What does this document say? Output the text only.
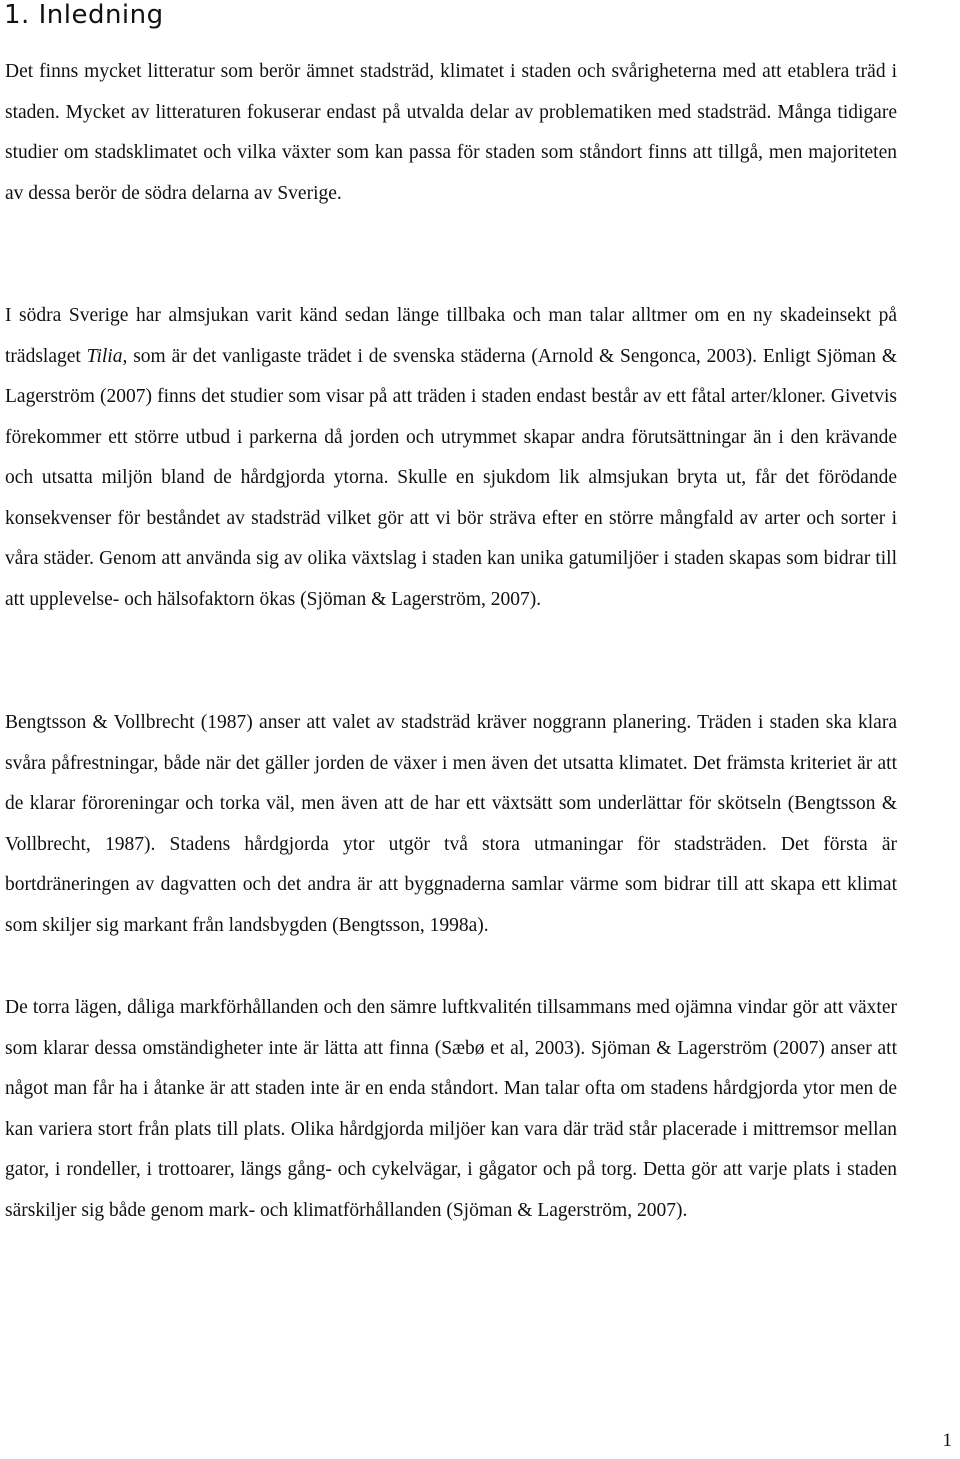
1. Inledning

Det finns mycket litteratur som berör ämnet stadsträd, klimatet i staden och svårigheterna med att etablera träd i staden. Mycket av litteraturen fokuserar endast på utvalda delar av problematiken med stadsträd. Många tidigare studier om stadsklimatet och vilka växter som kan passa för staden som ståndort finns att tillgå, men majoriteten av dessa berör de södra delarna av Sverige.

I södra Sverige har almsjukan varit känd sedan länge tillbaka och man talar alltmer om en ny skadeinsekt på trädslaget Tilia, som är det vanligaste trädet i de svenska städerna (Arnold & Sengonca, 2003). Enligt Sjöman & Lagerström (2007) finns det studier som visar på att träden i staden endast består av ett fåtal arter/kloner. Givetvis förekommer ett större utbud i parkerna då jorden och utrymmet skapar andra förutsättningar än i den krävande och utsatta miljön bland de hårdgjorda ytorna. Skulle en sjukdom lik almsjukan bryta ut, får det förödande konsekvenser för beståndet av stadsträd vilket gör att vi bör sträva efter en större mångfald av arter och sorter i våra städer. Genom att använda sig av olika växtslag i staden kan unika gatumiljöer i staden skapas som bidrar till att upplevelse- och hälsofaktorn ökas (Sjöman & Lagerström, 2007).

Bengtsson & Vollbrecht (1987) anser att valet av stadsträd kräver noggrann planering. Träden i staden ska klara svåra påfrestningar, både när det gäller jorden de växer i men även det utsatta klimatet. Det främsta kriteriet är att de klarar föroreningar och torka väl, men även att de har ett växtsätt som underlättar för skötseln (Bengtsson & Vollbrecht, 1987). Stadens hårdgjorda ytor utgör två stora utmaningar för stadsträden. Det första är bortdräneringen av dagvatten och det andra är att byggnaderna samlar värme som bidrar till att skapa ett klimat som skiljer sig markant från landsbygden (Bengtsson, 1998a).

De torra lägen, dåliga markförhållanden och den sämre luftkvalitén tillsammans med ojämna vindar gör att växter som klarar dessa omständigheter inte är lätta att finna (Sæbø et al, 2003). Sjöman & Lagerström (2007) anser att något man får ha i åtanke är att staden inte är en enda ståndort. Man talar ofta om stadens hårdgjorda ytor men de kan variera stort från plats till plats. Olika hårdgjorda miljöer kan vara där träd står placerade i mittremsor mellan gator, i rondeller, i trottoarer, längs gång- och cykelvägar, i gågator och på torg. Detta gör att varje plats i staden särskiljer sig både genom mark- och klimatförhållanden (Sjöman & Lagerström, 2007).

1
